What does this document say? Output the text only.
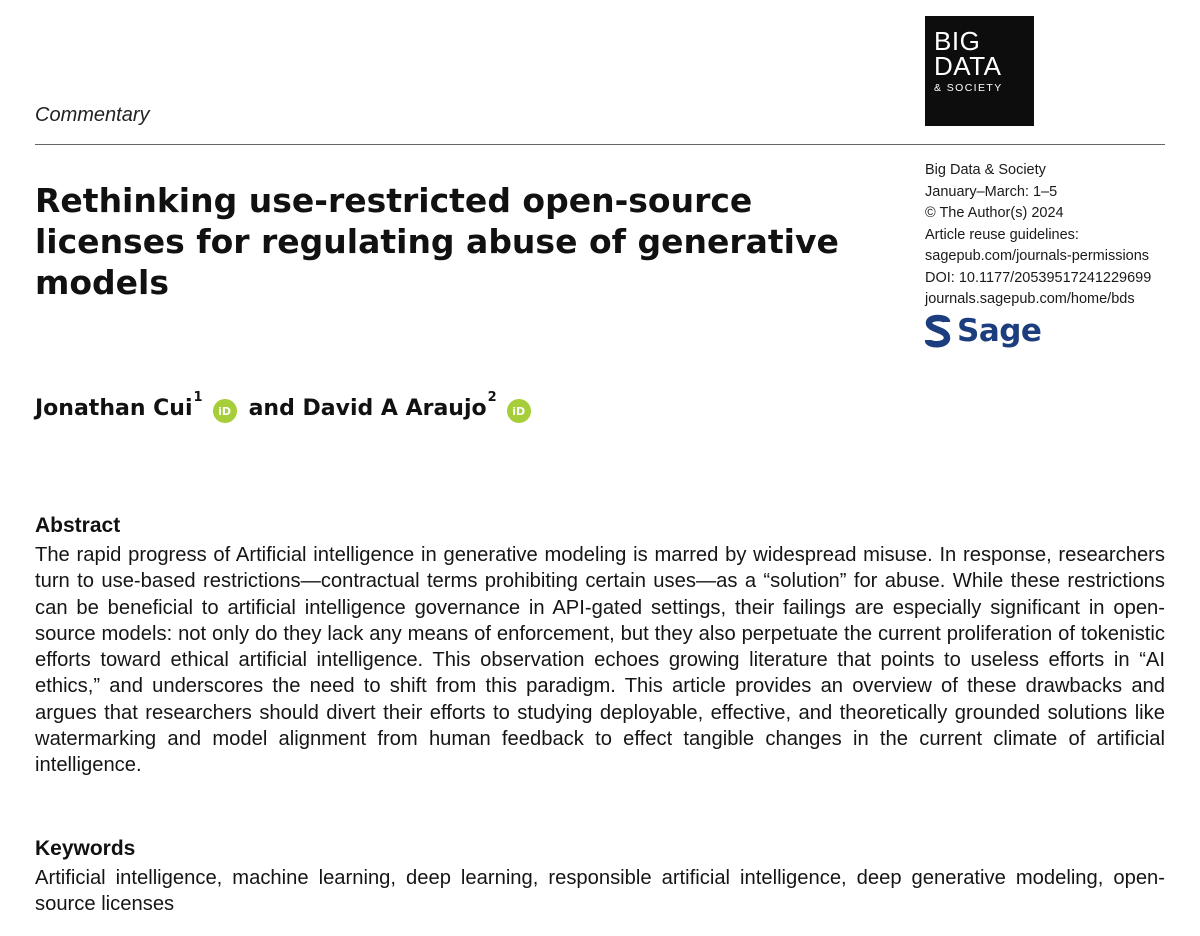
BIG
DATA
& SOCIETY
Commentary
Rethinking use-restricted open-source licenses for regulating abuse of generative models
Big Data & Society
January–March: 1–5
© The Author(s) 2024
Article reuse guidelines:
sagepub.com/journals-permissions
DOI: 10.1177/20539517241229699
journals.sagepub.com/home/bds
Sage
Jonathan Cui$^1$
iD and
David A Araujo$^2$
iD
Abstract

The rapid progress of Artificial intelligence in generative modeling is marred by widespread misuse. In response, researchers turn to use-based restrictions—contractual terms prohibiting certain uses—as a “solution” for abuse. While these restrictions can be beneficial to artificial intelligence governance in API-gated settings, their failings are especially significant in open-source models: not only do they lack any means of enforcement, but they also perpetuate the current proliferation of tokenistic efforts toward ethical artificial intelligence. This observation echoes growing literature that points to useless efforts in “AI ethics,” and underscores the need to shift from this paradigm. This article provides an overview of these drawbacks and argues that researchers should divert their efforts to studying deployable, effective, and theoretically grounded solutions like watermarking and model alignment from human feedback to effect tangible changes in the current climate of artificial intelligence.

Keywords

Artificial intelligence, machine learning, deep learning, responsible artificial intelligence, deep generative modeling, open-source licenses
